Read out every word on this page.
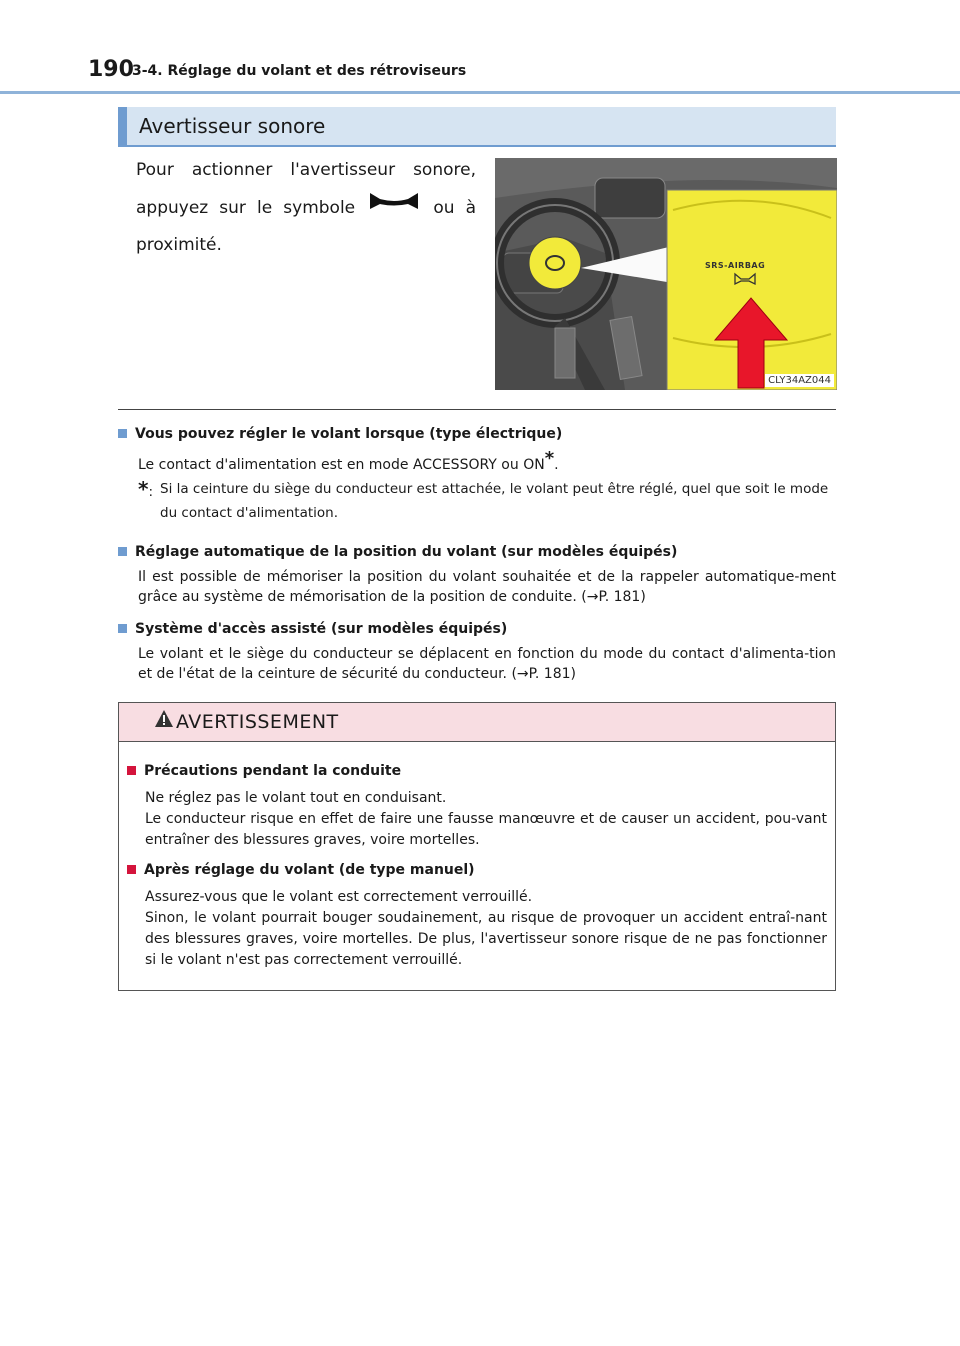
190
3-4. Réglage du volant et des rétroviseurs
Avertisseur sonore
Pour actionner l'avertisseur sonore, appuyez sur le symbole	ou à proximité.
SRS-AIRBAG
CLY34AZ044
Vous pouvez régler le volant lorsque (type électrique)
Le contact d'alimentation est en mode ACCESSORY ou ON*.
*: Si la ceinture du siège du conducteur est attachée, le volant peut être réglé, quel que soit le mode du contact d'alimentation.
Réglage automatique de la position du volant (sur modèles équipés)
Il est possible de mémoriser la position du volant souhaitée et de la rappeler automatique-ment grâce au système de mémorisation de la position de conduite. (→P. 181)
Système d'accès assisté (sur modèles équipés)
Le volant et le siège du conducteur se déplacent en fonction du mode du contact d'alimenta-tion et de l'état de la ceinture de sécurité du conducteur. (→P. 181)
AVERTISSEMENT
Précautions pendant la conduite
Ne réglez pas le volant tout en conduisant.
Le conducteur risque en effet de faire une fausse manœuvre et de causer un accident, pou-vant entraîner des blessures graves, voire mortelles.
Après réglage du volant (de type manuel)
Assurez-vous que le volant est correctement verrouillé.
Sinon, le volant pourrait bouger soudainement, au risque de provoquer un accident entraî-nant des blessures graves, voire mortelles. De plus, l'avertisseur sonore risque de ne pas fonctionner si le volant n'est pas correctement verrouillé.
